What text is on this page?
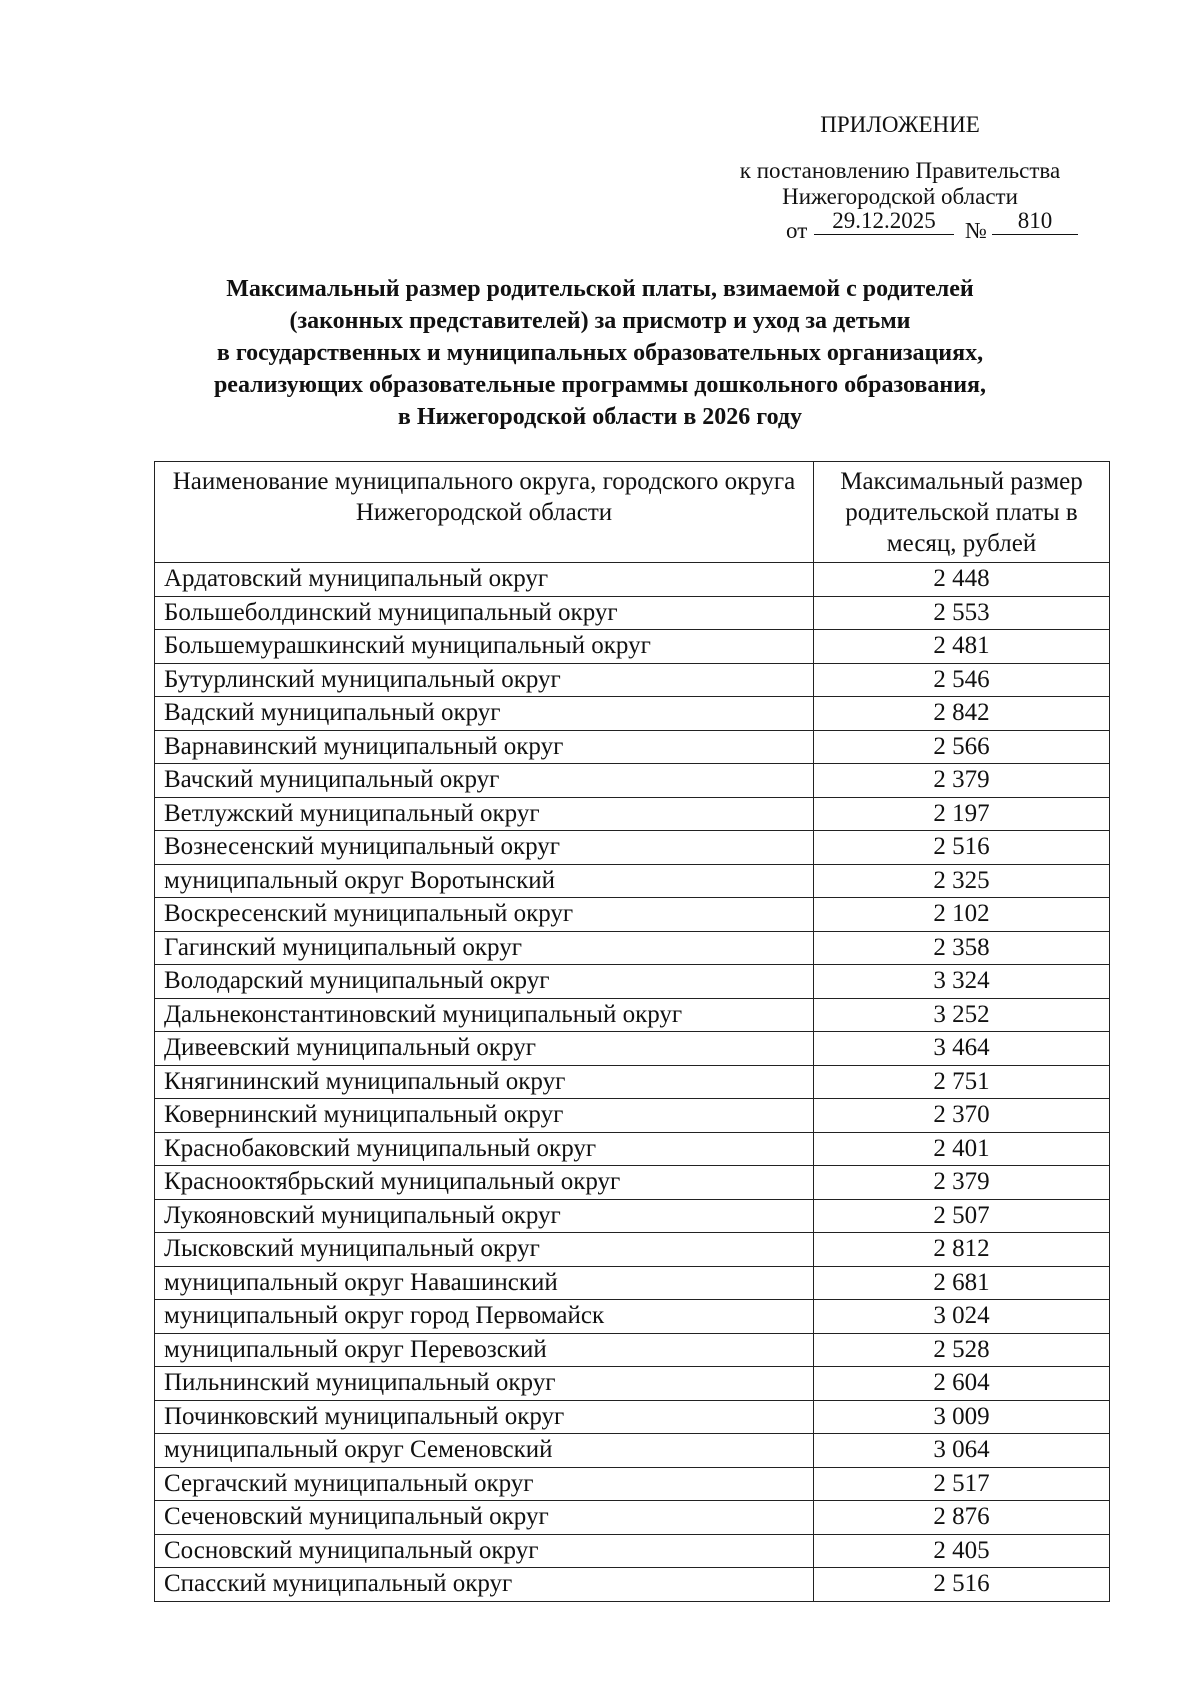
ПРИЛОЖЕНИЕ
к постановлению Правительства
Нижегородской области
от	29.12.2025	№	810
Максимальный размер родительской платы, взимаемой с родителей
(законных представителей) за присмотр и уход за детьми
в государственных и муниципальных образовательных организациях,
реализующих образовательные программы дошкольного образования,
в Нижегородской области в 2026 году
Наименование муниципального округа, городского округа Нижегородской области	Максимальный размер родительской платы в месяц, рублей
Ардатовский муниципальный округ	2 448
Большеболдинский муниципальный округ	2 553
Большемурашкинский муниципальный округ	2 481
Бутурлинский муниципальный округ	2 546
Вадский муниципальный округ	2 842
Варнавинский муниципальный округ	2 566
Вачский муниципальный округ	2 379
Ветлужский муниципальный округ	2 197
Вознесенский муниципальный округ	2 516
муниципальный округ Воротынский	2 325
Воскресенский муниципальный округ	2 102
Гагинский муниципальный округ	2 358
Володарский муниципальный округ	3 324
Дальнеконстантиновский муниципальный округ	3 252
Дивеевский муниципальный округ	3 464
Княгининский муниципальный округ	2 751
Ковернинский муниципальный округ	2 370
Краснобаковский муниципальный округ	2 401
Краснооктябрьский муниципальный округ	2 379
Лукояновский муниципальный округ	2 507
Лысковский муниципальный округ	2 812
муниципальный округ Навашинский	2 681
муниципальный округ город Первомайск	3 024
муниципальный округ Перевозский	2 528
Пильнинский муниципальный округ	2 604
Починковский муниципальный округ	3 009
муниципальный округ Семеновский	3 064
Сергачский муниципальный округ	2 517
Сеченовский муниципальный округ	2 876
Сосновский муниципальный округ	2 405
Спасский муниципальный округ	2 516
